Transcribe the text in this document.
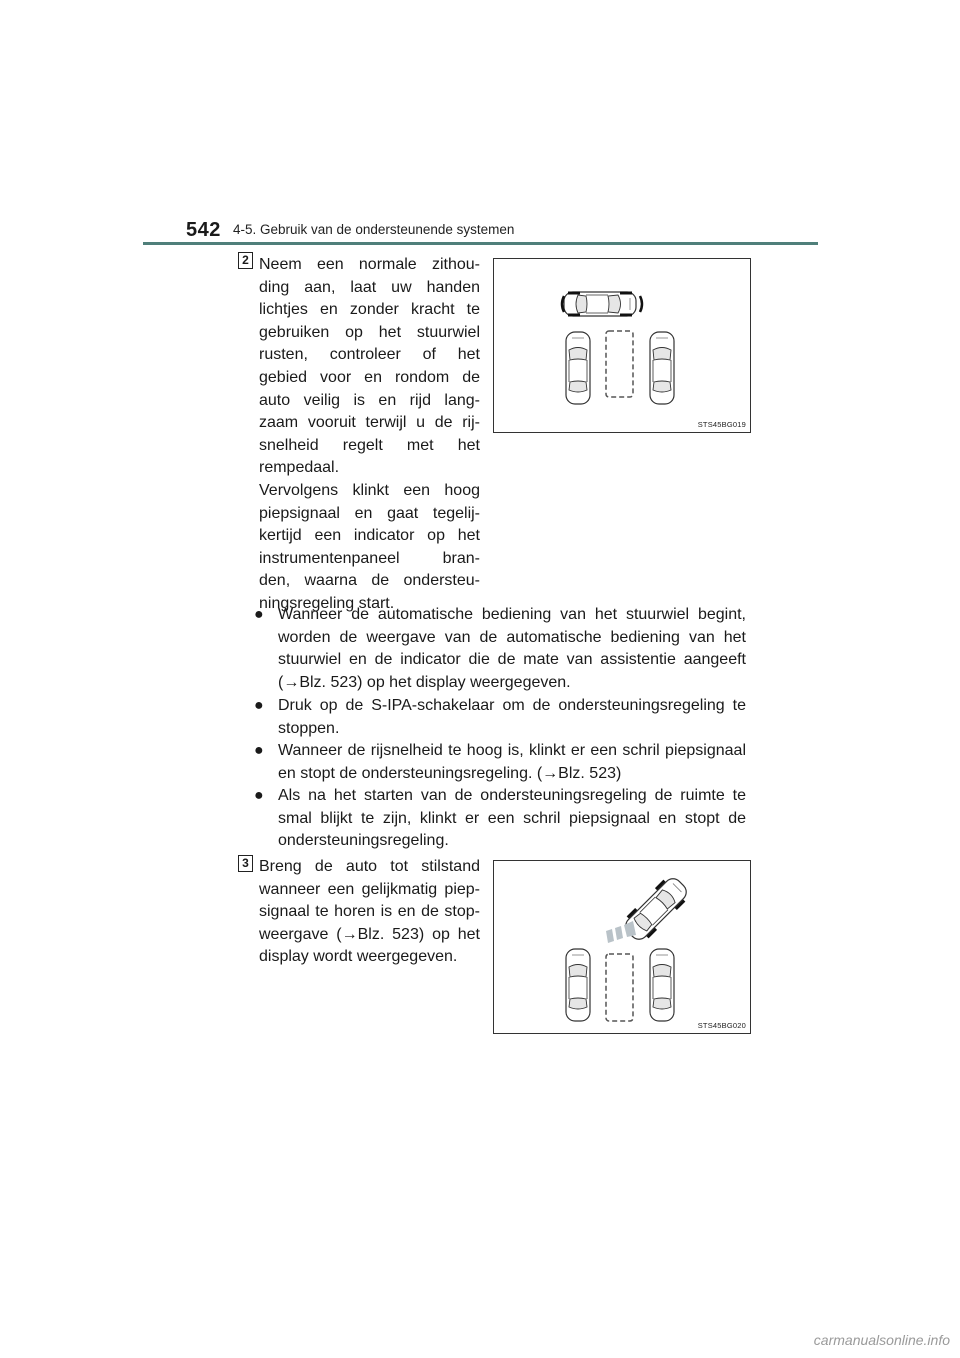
542 4-5. Gebruik van de ondersteunende systemen
2 Neem een normale zithou-

ding aan, laat uw handen

lichtjes en zonder kracht te

gebruiken op het stuurwiel

rusten, controleer of het

gebied voor en rondom de

auto veilig is en rijd lang-

zaam vooruit terwijl u de rij-

snelheid regelt met het

rempedaal.

Vervolgens klinkt een hoog

piepsignaal en gaat tegelij-

kertijd een indicator op het

instrumentenpaneel bran-

den, waarna de ondersteu-

ningsregeling start.

STS45BG019
● Wanneer de automatische bediening van het stuurwiel begint, worden de weergave van de automatische bediening van het stuurwiel en de indicator die de mate van assistentie aangeeft (→Blz. 523) op het display weergegeven.
● Druk op de S-IPA-schakelaar om de ondersteuningsregeling te stoppen.
● Wanneer de rijsnelheid te hoog is, klinkt er een schril piepsignaal en stopt de ondersteuningsregeling. (→Blz. 523)
● Als na het starten van de ondersteuningsregeling de ruimte te smal blijkt te zijn, klinkt er een schril piepsignaal en stopt de ondersteuningsregeling.
3 Breng de auto tot stilstand

wanneer een gelijkmatig piep-

signaal te horen is en de stop-

weergave (→Blz. 523) op het

display wordt weergegeven.

STS45BG020
carmanualsonline.info
